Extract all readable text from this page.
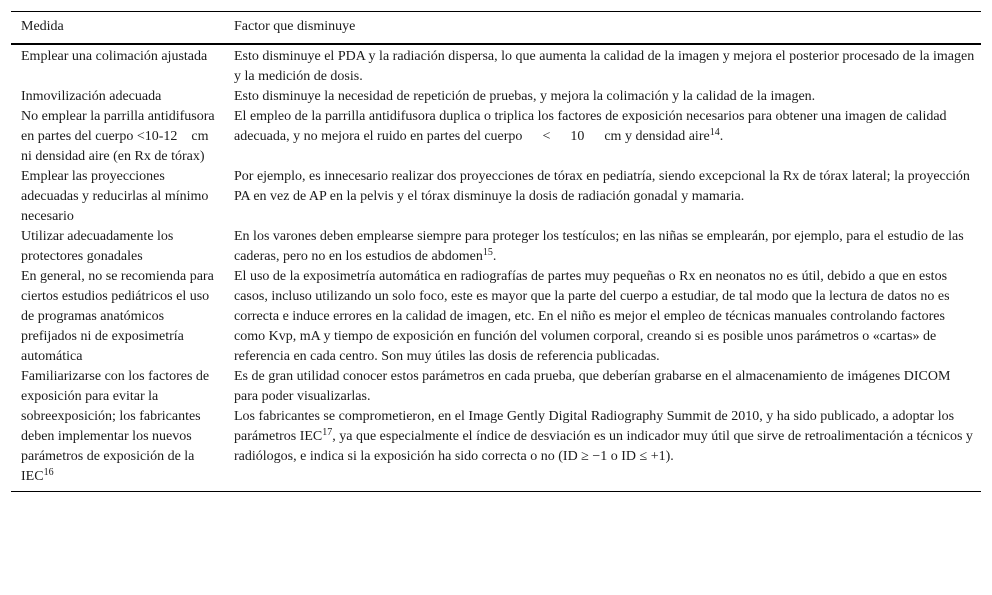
Medida	Factor que disminuye
Emplear una colimación ajustada	Esto disminuye el PDA y la radiación dispersa, lo que aumenta la calidad de la imagen y mejora el posterior procesado de la imagen y la medición de dosis.
Inmovilización adecuada	Esto disminuye la necesidad de repetición de pruebas, y mejora la colimación y la calidad de la imagen.
No emplear la parrilla antidifusora en partes del cuerpo <10-12 cm ni densidad aire (en Rx de tórax)	El empleo de la parrilla antidifusora duplica o triplica los factores de exposición necesarios para obtener una imagen de calidad adecuada, y no mejora el ruido en partes del cuerpo < 10 cm y densidad aire$^{14}$.
Emplear las proyecciones adecuadas y reducirlas al mínimo necesario	Por ejemplo, es innecesario realizar dos proyecciones de tórax en pediatría, siendo excepcional la Rx de tórax lateral; la proyección PA en vez de AP en la pelvis y el tórax disminuye la dosis de radiación gonadal y mamaria.
Utilizar adecuadamente los protectores gonadales	En los varones deben emplearse siempre para proteger los testículos; en las niñas se emplearán, por ejemplo, para el estudio de las caderas, pero no en los estudios de abdomen$^{15}$.
En general, no se recomienda para ciertos estudios pediátricos el uso de programas anatómicos prefijados ni de exposimetría automática	El uso de la exposimetría automática en radiografías de partes muy pequeñas o Rx en neonatos no es útil, debido a que en estos casos, incluso utilizando un solo foco, este es mayor que la parte del cuerpo a estudiar, de tal modo que la lectura de datos no es correcta e induce errores en la calidad de imagen, etc. En el niño es mejor el empleo de técnicas manuales controlando factores como Kvp, mA y tiempo de exposición en función del volumen corporal, creando si es posible unos parámetros o «cartas» de referencia en cada centro. Son muy útiles las dosis de referencia publicadas.
Familiarizarse con los factores de exposición para evitar la sobreexposición; los fabricantes deben implementar los nuevos parámetros de exposición de la IEC$^{16}$	Es de gran utilidad conocer estos parámetros en cada prueba, que deberían grabarse en el almacenamiento de imágenes DICOM para poder visualizarlas.
Los fabricantes se comprometieron, en el Image Gently Digital Radiography Summit de 2010, y ha sido publicado, a adoptar los parámetros IEC$^{17}$, ya que especialmente el índice de desviación es un indicador muy útil que sirve de retroalimentación a técnicos y radiólogos, e indica si la exposición ha sido correcta o no (ID ≥ −1 o ID ≤ +1).
